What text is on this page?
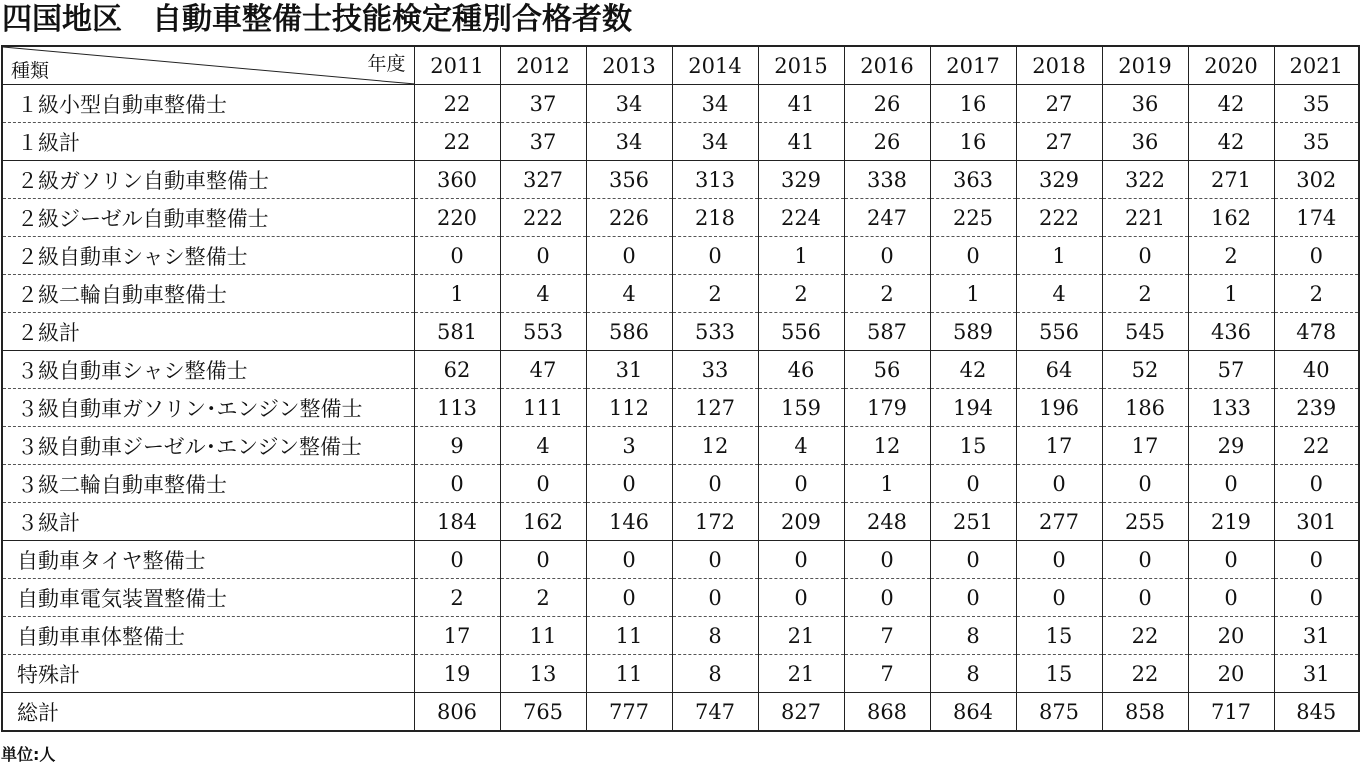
四国地区　自動車整備士技能検定種別合格者数
年度
種類	2011	2012	2013	2014	2015	2016	2017	2018	2019	2020	2021
１級小型自動車整備士	22	37	34	34	41	26	16	27	36	42	35
１級計	22	37	34	34	41	26	16	27	36	42	35
２級ガソリン自動車整備士	360	327	356	313	329	338	363	329	322	271	302
２級ジーゼル自動車整備士	220	222	226	218	224	247	225	222	221	162	174
２級自動車シャシ整備士	0	0	0	0	1	0	0	1	0	2	0
２級二輪自動車整備士	1	4	4	2	2	2	1	4	2	1	2
２級計	581	553	586	533	556	587	589	556	545	436	478
３級自動車シャシ整備士	62	47	31	33	46	56	42	64	52	57	40
３級自動車ガソリン･エンジン整備士	113	111	112	127	159	179	194	196	186	133	239
３級自動車ジーゼル･エンジン整備士	9	4	3	12	4	12	15	17	17	29	22
３級二輪自動車整備士	0	0	0	0	0	1	0	0	0	0	0
３級計	184	162	146	172	209	248	251	277	255	219	301
自動車タイヤ整備士	0	0	0	0	0	0	0	0	0	0	0
自動車電気装置整備士	2	2	0	0	0	0	0	0	0	0	0
自動車車体整備士	17	11	11	8	21	7	8	15	22	20	31
特殊計	19	13	11	8	21	7	8	15	22	20	31
総計	806	765	777	747	827	868	864	875	858	717	845
単位:人
